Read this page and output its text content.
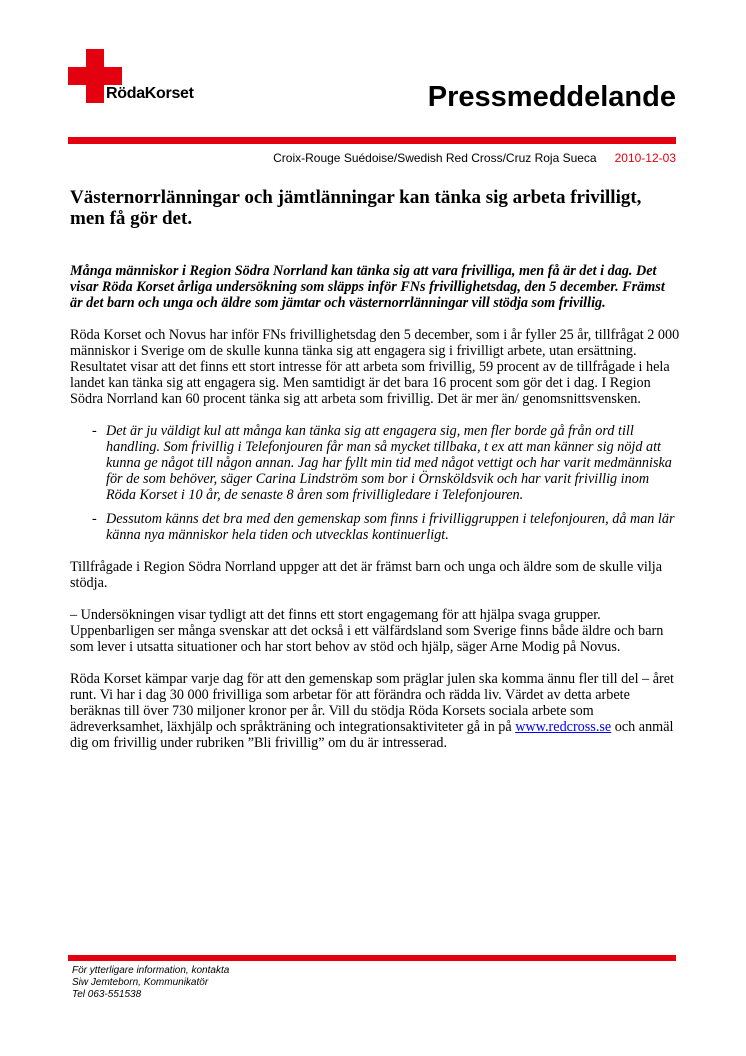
RödaKorset	Pressmeddelande
Croix-Rouge Suédoise/Swedish Red Cross/Cruz Roja Sueca 2010-12-03
Västernorrlänningar och jämtlänningar kan tänka sig arbeta frivilligt, men få gör det.

Många människor i Region Södra Norrland kan tänka sig att vara frivilliga, men få är det i dag. Det visar Röda Korset årliga undersökning som släpps inför FNs frivillighetsdag, den 5 december. Främst är det barn och unga och äldre som jämtar och västernorrlänningar vill stödja som frivillig.

Röda Korset och Novus har inför FNs frivillighetsdag den 5 december, som i år fyller 25 år, tillfrågat 2 000 människor i Sverige om de skulle kunna tänka sig att engagera sig i frivilligt arbete, utan ersättning. Resultatet visar att det finns ett stort intresse för att arbeta som frivillig, 59 procent av de tillfrågade i hela landet kan tänka sig att engagera sig. Men samtidigt är det bara 16 procent som gör det i dag. I Region Södra Norrland kan 60 procent tänka sig att arbeta som frivillig. Det är mer än/ genomsnittsvensken.

- Det är ju väldigt kul att många kan tänka sig att engagera sig, men fler borde gå från ord till handling. Som frivillig i Telefonjouren får man så mycket tillbaka, t ex att man känner sig nöjd att kunna ge något till någon annan. Jag har fyllt min tid med något vettigt och har varit medmänniska för de som behöver, säger Carina Lindström som bor i Örnsköldsvik och har varit frivillig inom Röda Korset i 10 år, de senaste 8 åren som frivilligledare i Telefonjouren.
- Dessutom känns det bra med den gemenskap som finns i frivilliggruppen i telefonjouren, då man lär känna nya människor hela tiden och utvecklas kontinuerligt.

Tillfrågade i Region Södra Norrland uppger att det är främst barn och unga och äldre som de skulle vilja stödja.

– Undersökningen visar tydligt att det finns ett stort engagemang för att hjälpa svaga grupper. Uppenbarligen ser många svenskar att det också i ett välfärdsland som Sverige finns både äldre och barn som lever i utsatta situationer och har stort behov av stöd och hjälp, säger Arne Modig på Novus.

Röda Korset kämpar varje dag för att den gemenskap som präglar julen ska komma ännu fler till del – året runt. Vi har i dag 30 000 frivilliga som arbetar för att förändra och rädda liv. Värdet av detta arbete beräknas till över 730 miljoner kronor per år. Vill du stödja Röda Korsets sociala arbete som ädreverksamhet, läxhjälp och språkträning och integrationsaktiviteter gå in på www.redcross.se och anmäl dig om frivillig under rubriken ”Bli frivillig” om du är intresserad.

För ytterligare information, kontakta
Siw Jemteborn, Kommunikatör
Tel 063-551538
